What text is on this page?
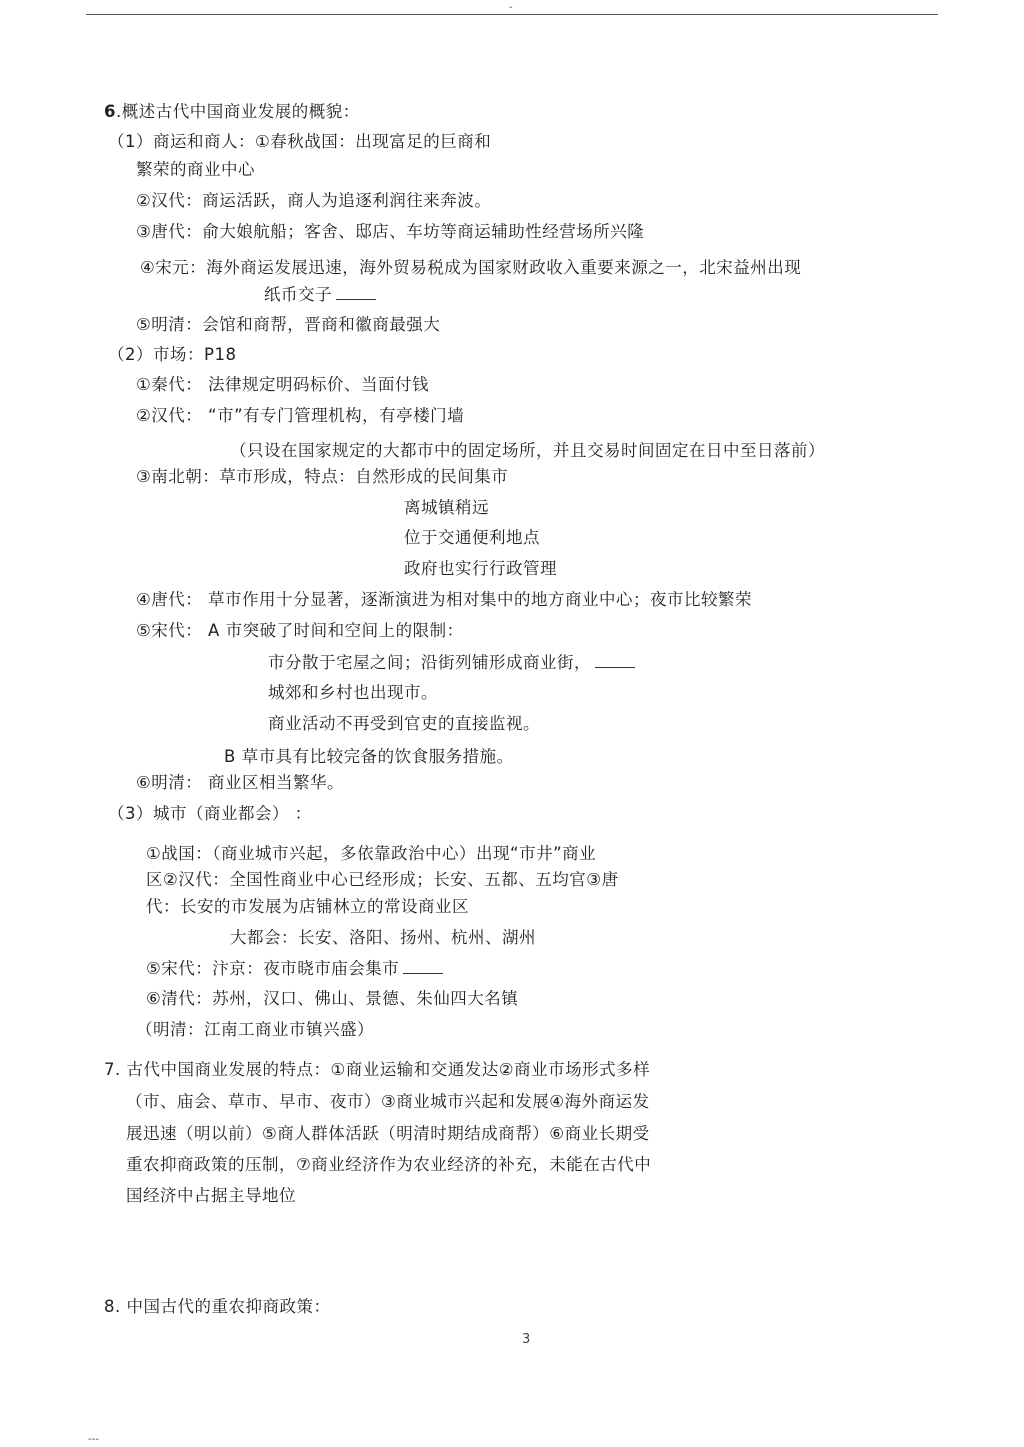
-
6.概述古代中国商业发展的概貌：
（1）商运和商人：①春秋战国：出现富足的巨商和
繁荣的商业中心
②汉代：商运活跃，商人为追逐利润往来奔波。
③唐代：俞大娘航船；客舍、邸店、车坊等商运辅助性经营场所兴隆
④宋元：海外商运发展迅速，海外贸易税成为国家财政收入重要来源之一，北宋益州出现
纸币交子
⑤明清：会馆和商帮，晋商和徽商最强大
（2）市场：P18
①秦代： 法律规定明码标价、当面付钱
②汉代： “市”有专门管理机构，有亭楼门墙
（只设在国家规定的大都市中的固定场所，并且交易时间固定在日中至日落前）
③南北朝：草市形成，特点：自然形成的民间集市
离城镇稍远
位于交通便利地点
政府也实行行政管理
④唐代： 草市作用十分显著，逐渐演进为相对集中的地方商业中心；夜市比较繁荣
⑤宋代： A 市突破了时间和空间上的限制：
市分散于宅屋之间；沿街列铺形成商业街，
城郊和乡村也出现市。
商业活动不再受到官吏的直接监视。
B 草市具有比较完备的饮食服务措施。
⑥明清： 商业区相当繁华。
（3）城市（商业都会） ：
①战国：（商业城市兴起，多依靠政治中心）出现“市井”商业
区②汉代：全国性商业中心已经形成；长安、五都、五均官③唐
代：长安的市发展为店铺林立的常设商业区
大都会：长安、洛阳、扬州、杭州、湖州
⑤宋代：汴京：夜市晓市庙会集市
⑥清代：苏州，汉口、佛山、景德、朱仙四大名镇
（明清：江南工商业市镇兴盛）
7. 古代中国商业发展的特点：①商业运输和交通发达②商业市场形式多样
（市、庙会、草市、早市、夜市）③商业城市兴起和发展④海外商运发
展迅速（明以前）⑤商人群体活跃（明清时期结成商帮）⑥商业长期受
重农抑商政策的压制，⑦商业经济作为农业经济的补充，未能在古代中
国经济中占据主导地位
8. 中国古代的重农抑商政策：
3
---
